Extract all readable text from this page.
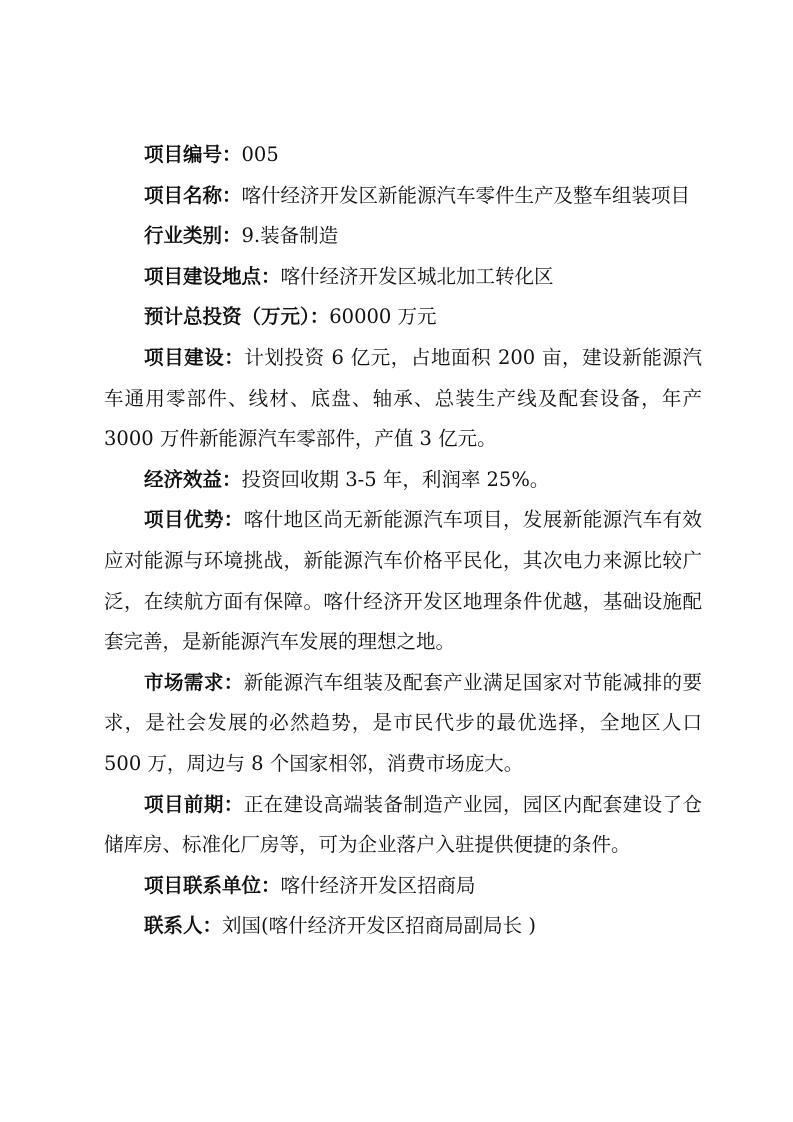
项目编号：005

项目名称：喀什经济开发区新能源汽车零件生产及整车组装项目

行业类别：9.装备制造

项目建设地点：喀什经济开发区城北加工转化区

预计总投资（万元）：60000 万元

项目建设：计划投资 6 亿元，占地面积 200 亩，建设新能源汽车通用零部件、线材、底盘、轴承、总装生产线及配套设备，年产 3000 万件新能源汽车零部件，产值 3 亿元。

经济效益：投资回收期 3-5 年，利润率 25%。

项目优势：喀什地区尚无新能源汽车项目，发展新能源汽车有效应对能源与环境挑战，新能源汽车价格平民化，其次电力来源比较广泛，在续航方面有保障。喀什经济开发区地理条件优越，基础设施配套完善，是新能源汽车发展的理想之地。

市场需求：新能源汽车组装及配套产业满足国家对节能减排的要求，是社会发展的必然趋势，是市民代步的最优选择，全地区人口 500 万，周边与 8 个国家相邻，消费市场庞大。

项目前期：正在建设高端装备制造产业园，园区内配套建设了仓储库房、标准化厂房等，可为企业落户入驻提供便捷的条件。

项目联系单位：喀什经济开发区招商局

联系人：刘国(喀什经济开发区招商局副局长 )
